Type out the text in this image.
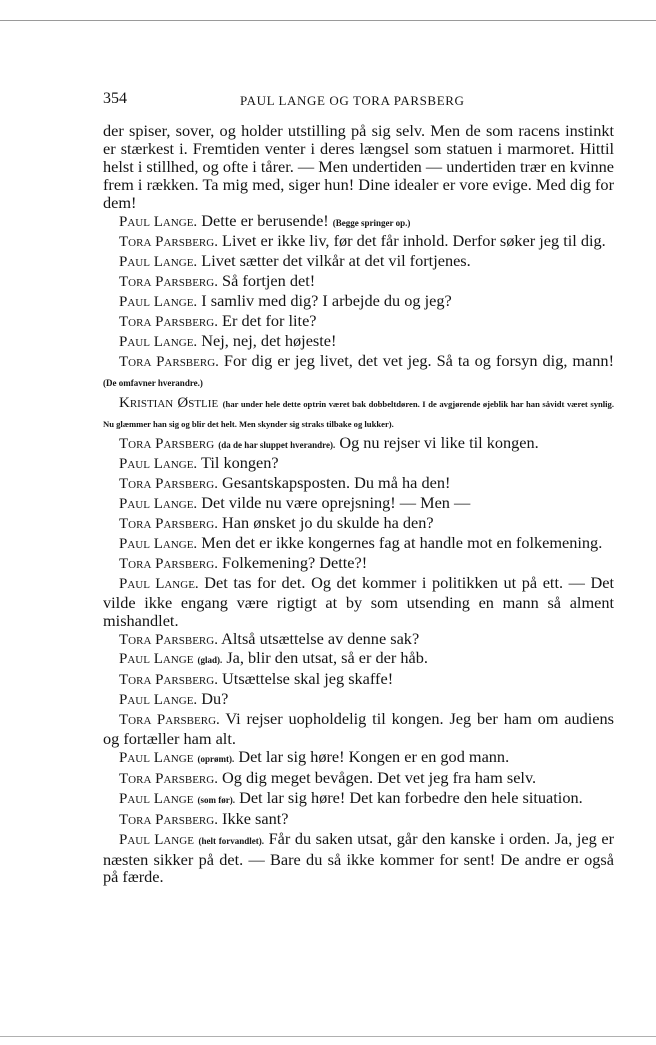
354	PAUL LANGE OG TORA PARSBERG

der spiser, sover, og holder utstilling på sig selv. Men de som racens instinkt er stærkest i. Fremtiden venter i deres længsel som statuen i marmoret. Hittil helst i stillhed, og ofte i tårer. — Men undertiden — undertiden trær en kvinne frem i rækken. Ta mig med, siger hun! Dine idealer er vore evige. Med dig for dem!

Paul Lange. Dette er berusende! (Begge springer op.)

Tora Parsberg. Livet er ikke liv, før det får inhold. Derfor søker jeg til dig.

Paul Lange. Livet sætter det vilkår at det vil fortjenes.

Tora Parsberg. Så fortjen det!

Paul Lange. I samliv med dig? I arbejde du og jeg?

Tora Parsberg. Er det for lite?

Paul Lange. Nej, nej, det højeste!

Tora Parsberg. For dig er jeg livet, det vet jeg. Så ta og forsyn dig, mann! (De omfavner hverandre.)

Kristian Østlie (har under hele dette optrin været bak dobbeltdøren. I de avgjørende øjeblik har han såvidt været synlig. Nu glæmmer han sig og blir det helt. Men skynder sig straks tilbake og lukker).

Tora Parsberg (da de har sluppet hverandre). Og nu rejser vi like til kongen.

Paul Lange. Til kongen?

Tora Parsberg. Gesantskapsposten. Du må ha den!

Paul Lange. Det vilde nu være oprejsning! — Men —

Tora Parsberg. Han ønsket jo du skulde ha den?

Paul Lange. Men det er ikke kongernes fag at handle mot en folkemening.

Tora Parsberg. Folkemening? Dette?!

Paul Lange. Det tas for det. Og det kommer i politikken ut på ett. — Det vilde ikke engang være rigtigt at by som utsending en mann så alment mishandlet.

Tora Parsberg. Altså utsættelse av denne sak?

Paul Lange (glad). Ja, blir den utsat, så er der håb.

Tora Parsberg. Utsættelse skal jeg skaffe!

Paul Lange. Du?

Tora Parsberg. Vi rejser uopholdelig til kongen. Jeg ber ham om audiens og fortæller ham alt.

Paul Lange (oprømt). Det lar sig høre! Kongen er en god mann.

Tora Parsberg. Og dig meget bevågen. Det vet jeg fra ham selv.

Paul Lange (som før). Det lar sig høre! Det kan forbedre den hele situation.

Tora Parsberg. Ikke sant?

Paul Lange (helt forvandlet). Får du saken utsat, går den kanske i orden. Ja, jeg er næsten sikker på det. — Bare du så ikke kommer for sent! De andre er også på færde.
